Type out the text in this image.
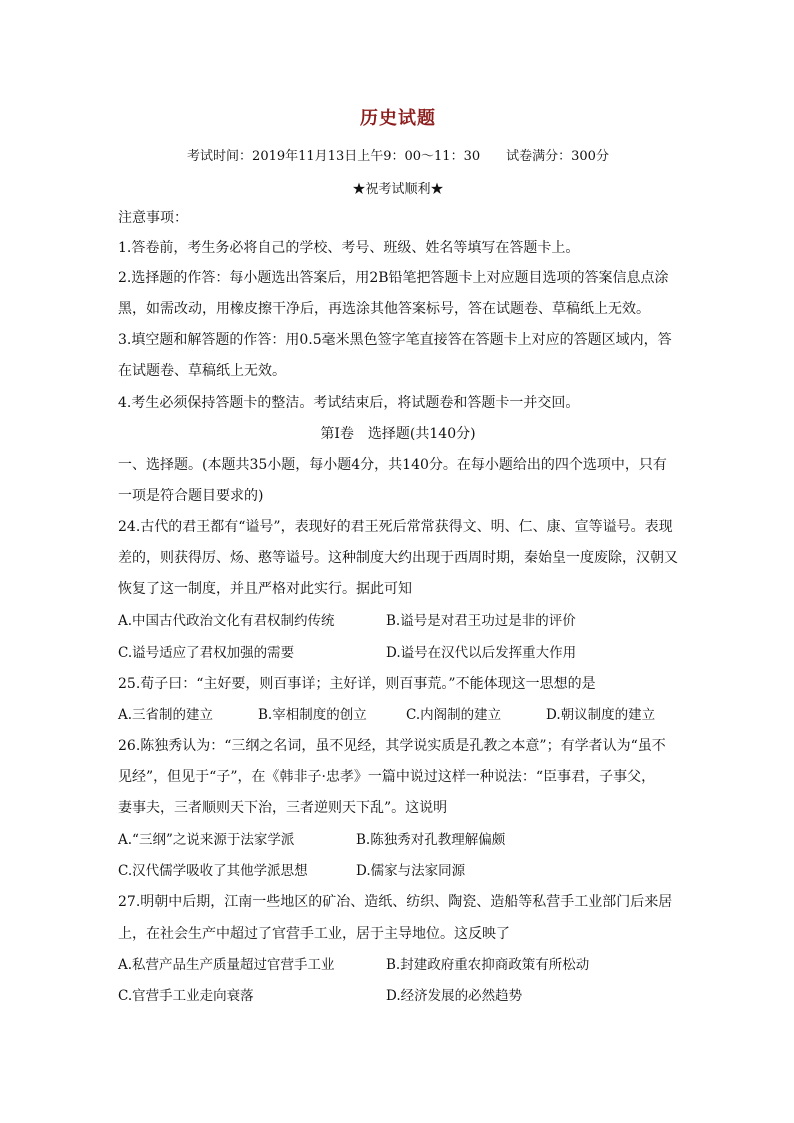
历史试题
考试时间：2019年11月13日上午9：00～11：30 试卷满分：300分
★祝考试顺利★
注意事项：
1.答卷前，考生务必将自己的学校、考号、班级、姓名等填写在答题卡上。
2.选择题的作答：每小题选出答案后，用2B铅笔把答题卡上对应题目选项的答案信息点涂
黑，如需改动，用橡皮擦干净后，再选涂其他答案标号，答在试题卷、草稿纸上无效。
3.填空题和解答题的作答：用0.5毫米黑色签字笔直接答在答题卡上对应的答题区域内，答
在试题卷、草稿纸上无效。
4.考生必须保持答题卡的整洁。考试结束后，将试题卷和答题卡一并交回。
第Ⅰ卷　选择题(共140分)
一、选择题。(本题共35小题，每小题4分，共140分。在每小题给出的四个选项中，只有
一项是符合题目要求的)
24.古代的君王都有“谥号”，表现好的君王死后常常获得文、明、仁、康、宣等谥号。表现
差的，则获得厉、炀、憨等谥号。这种制度大约出现于西周时期，秦始皇一度废除，汉朝又
恢复了这一制度，并且严格对此实行。据此可知
A.中国古代政治文化有君权制约传统	B.谥号是对君王功过是非的评价
C.谥号适应了君权加强的需要	D.谥号在汉代以后发挥重大作用
25.荀子曰：“主好要，则百事详；主好详，则百事荒。”不能体现这一思想的是
A.三省制的建立	B.宰相制度的创立	C.内阁制的建立	D.朝议制度的建立
26.陈独秀认为：“三纲之名词，虽不见经，其学说实质是孔教之本意”；有学者认为“虽不
见经”，但见于“子”，在《韩非子·忠孝》一篇中说过这样一种说法：“臣事君，子事父，
妻事夫，三者顺则天下治，三者逆则天下乱”。这说明
A.“三纲”之说来源于法家学派	B.陈独秀对孔教理解偏颇
C.汉代儒学吸收了其他学派思想	D.儒家与法家同源
27.明朝中后期，江南一些地区的矿冶、造纸、纺织、陶瓷、造船等私营手工业部门后来居
上，在社会生产中超过了官营手工业，居于主导地位。这反映了
A.私营产品生产质量超过官营手工业	B.封建政府重农抑商政策有所松动
C.官营手工业走向衰落	D.经济发展的必然趋势
